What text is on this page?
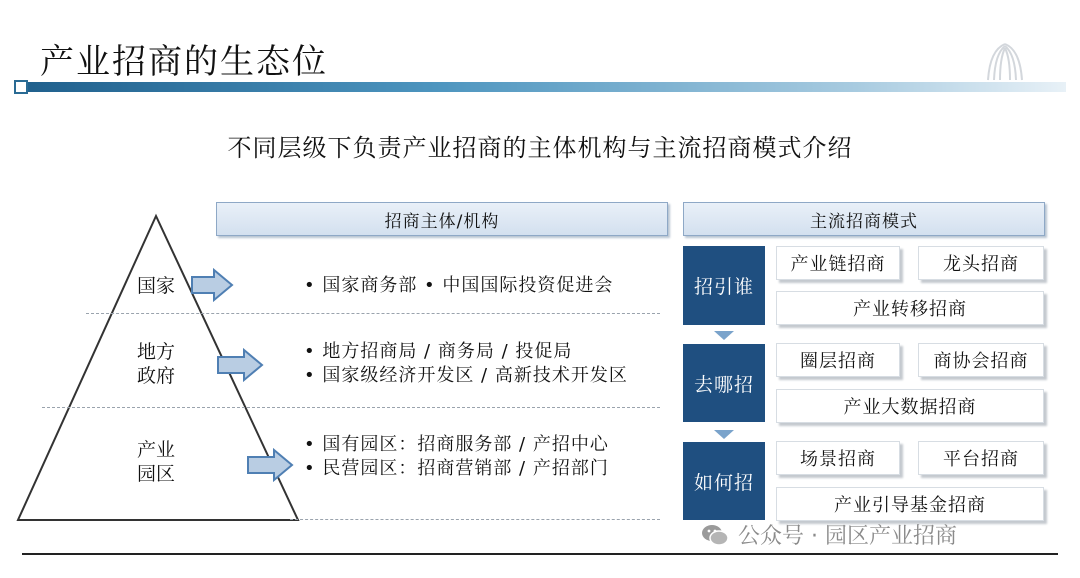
产业招商的生态位
不同层级下负责产业招商的主体机构与主流招商模式介绍
国家
地方
政府
产业
园区
招商主体/机构	主流招商模式
• 国家商务部 • 中国国际投资促进会
• 地方招商局 / 商务局 / 投促局
• 国家级经济开发区 / 高新技术开发区
• 国有园区：招商服务部 / 产招中心
• 民营园区：招商营销部 / 产招部门
招引谁
产业链招商	龙头招商
产业转移招商
去哪招
圈层招商	商协会招商
产业大数据招商
如何招
场景招商	平台招商
产业引导基金招商
公众号 · 园区产业招商
